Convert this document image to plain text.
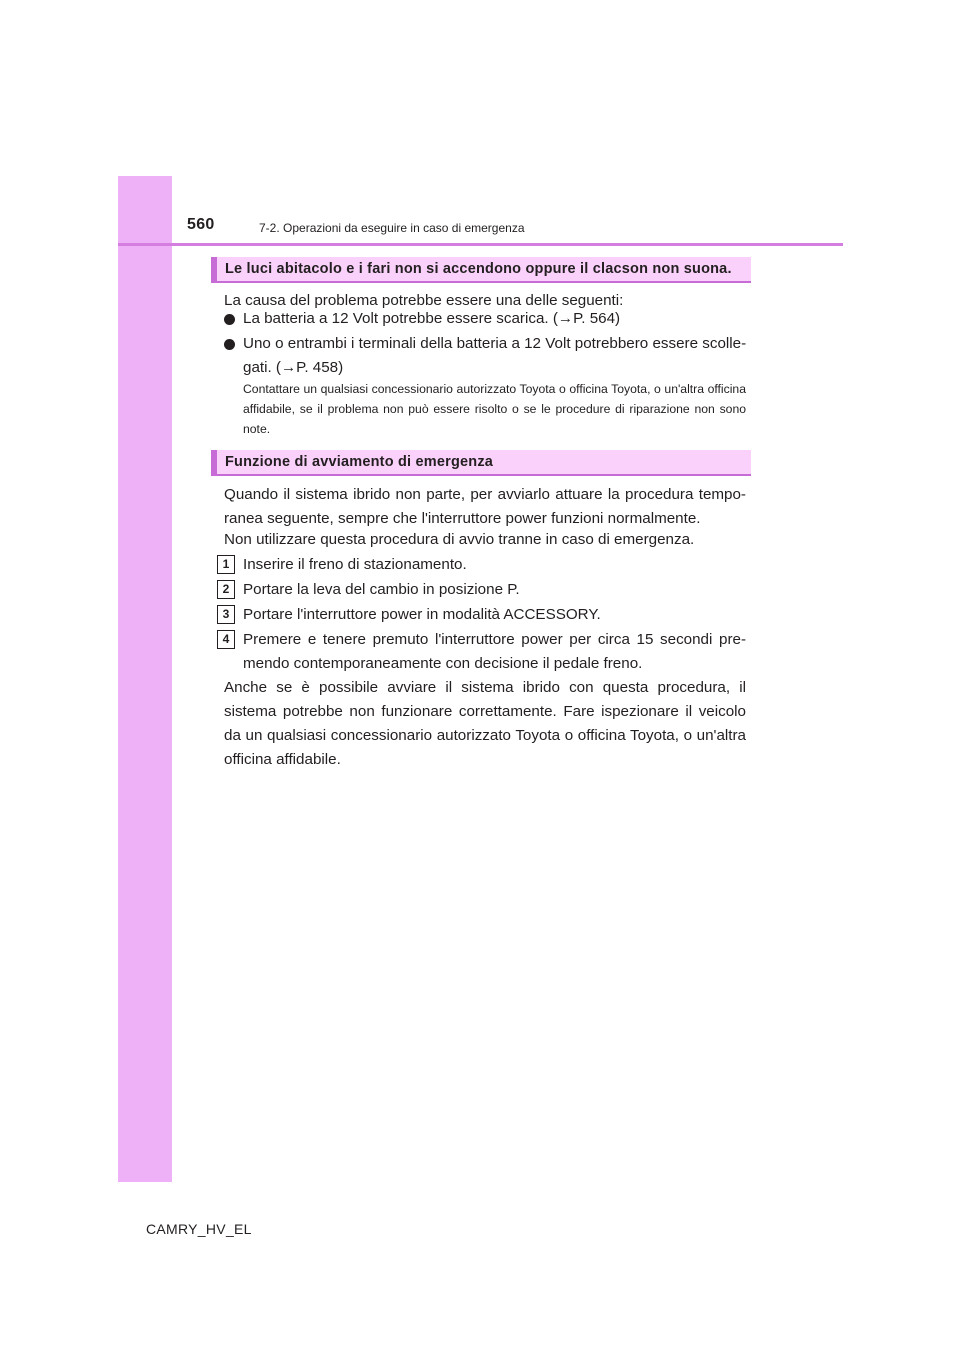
560	7-2. Operazioni da eseguire in caso di emergenza
Le luci abitacolo e i fari non si accendono oppure il clacson non suona.

La causa del problema potrebbe essere una delle seguenti:

La batteria a 12 Volt potrebbe essere scarica. (→P. 564)

Uno o entrambi i terminali della batteria a 12 Volt potrebbero essere scolle-

gati. (→P. 458)

Contattare un qualsiasi concessionario autorizzato Toyota o officina Toyota, o un'altra officina affidabile, se il problema non può essere risolto o se le procedure di riparazione non sono note.

Funzione di avviamento di emergenza

Quando il sistema ibrido non parte, per avviarlo attuare la procedura tempo-ranea seguente, sempre che l'interruttore power funzioni normalmente.

Non utilizzare questa procedura di avvio tranne in caso di emergenza.

1 Inserire il freno di stazionamento.

2 Portare la leva del cambio in posizione P.

3 Portare l'interruttore power in modalità ACCESSORY.

4 Premere e tenere premuto l'interruttore power per circa 15 secondi pre-mendo contemporaneamente con decisione il pedale freno.

Anche se è possibile avviare il sistema ibrido con questa procedura, il sistema potrebbe non funzionare correttamente. Fare ispezionare il veicolo da un qualsiasi concessionario autorizzato Toyota o officina Toyota, o un'altra officina affidabile.

CAMRY_HV_EL
